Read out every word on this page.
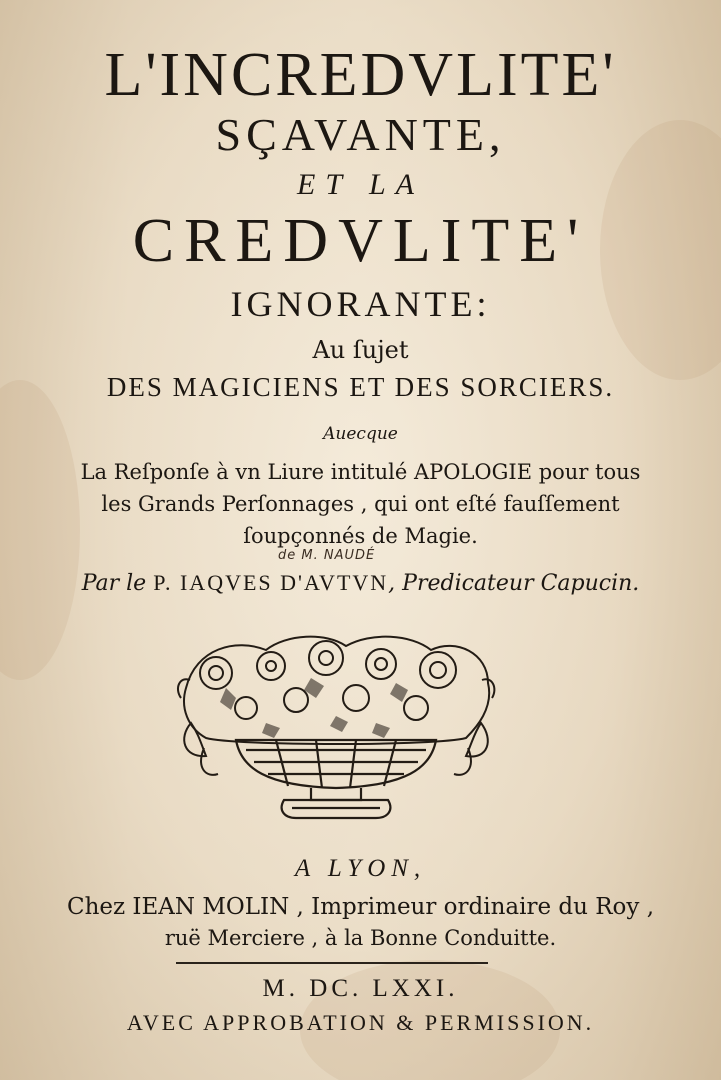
L'INCREDVLITE'
SÇAVANTE,
ET LA
CREDVLITE'
IGNORANTE:
Au ſujet
DES MAGICIENS ET DES SORCIERS.
Auecque
La Reſponſe à vn Liure intitulé APOLOGIE pour tous
les Grands Perſonnages , qui ont eſté fauſſement
ſoupçonnés de Magie.
de M. NAUDÉ
Par le P. IAQVES D'AVTVN, Predicateur Capucin.
A LYON,
Chez IEAN MOLIN , Imprimeur ordinaire du Roy ,
ruë Merciere , à la Bonne Conduitte.
M. DC. LXXI.
AVEC APPROBATION & PERMISSION.
